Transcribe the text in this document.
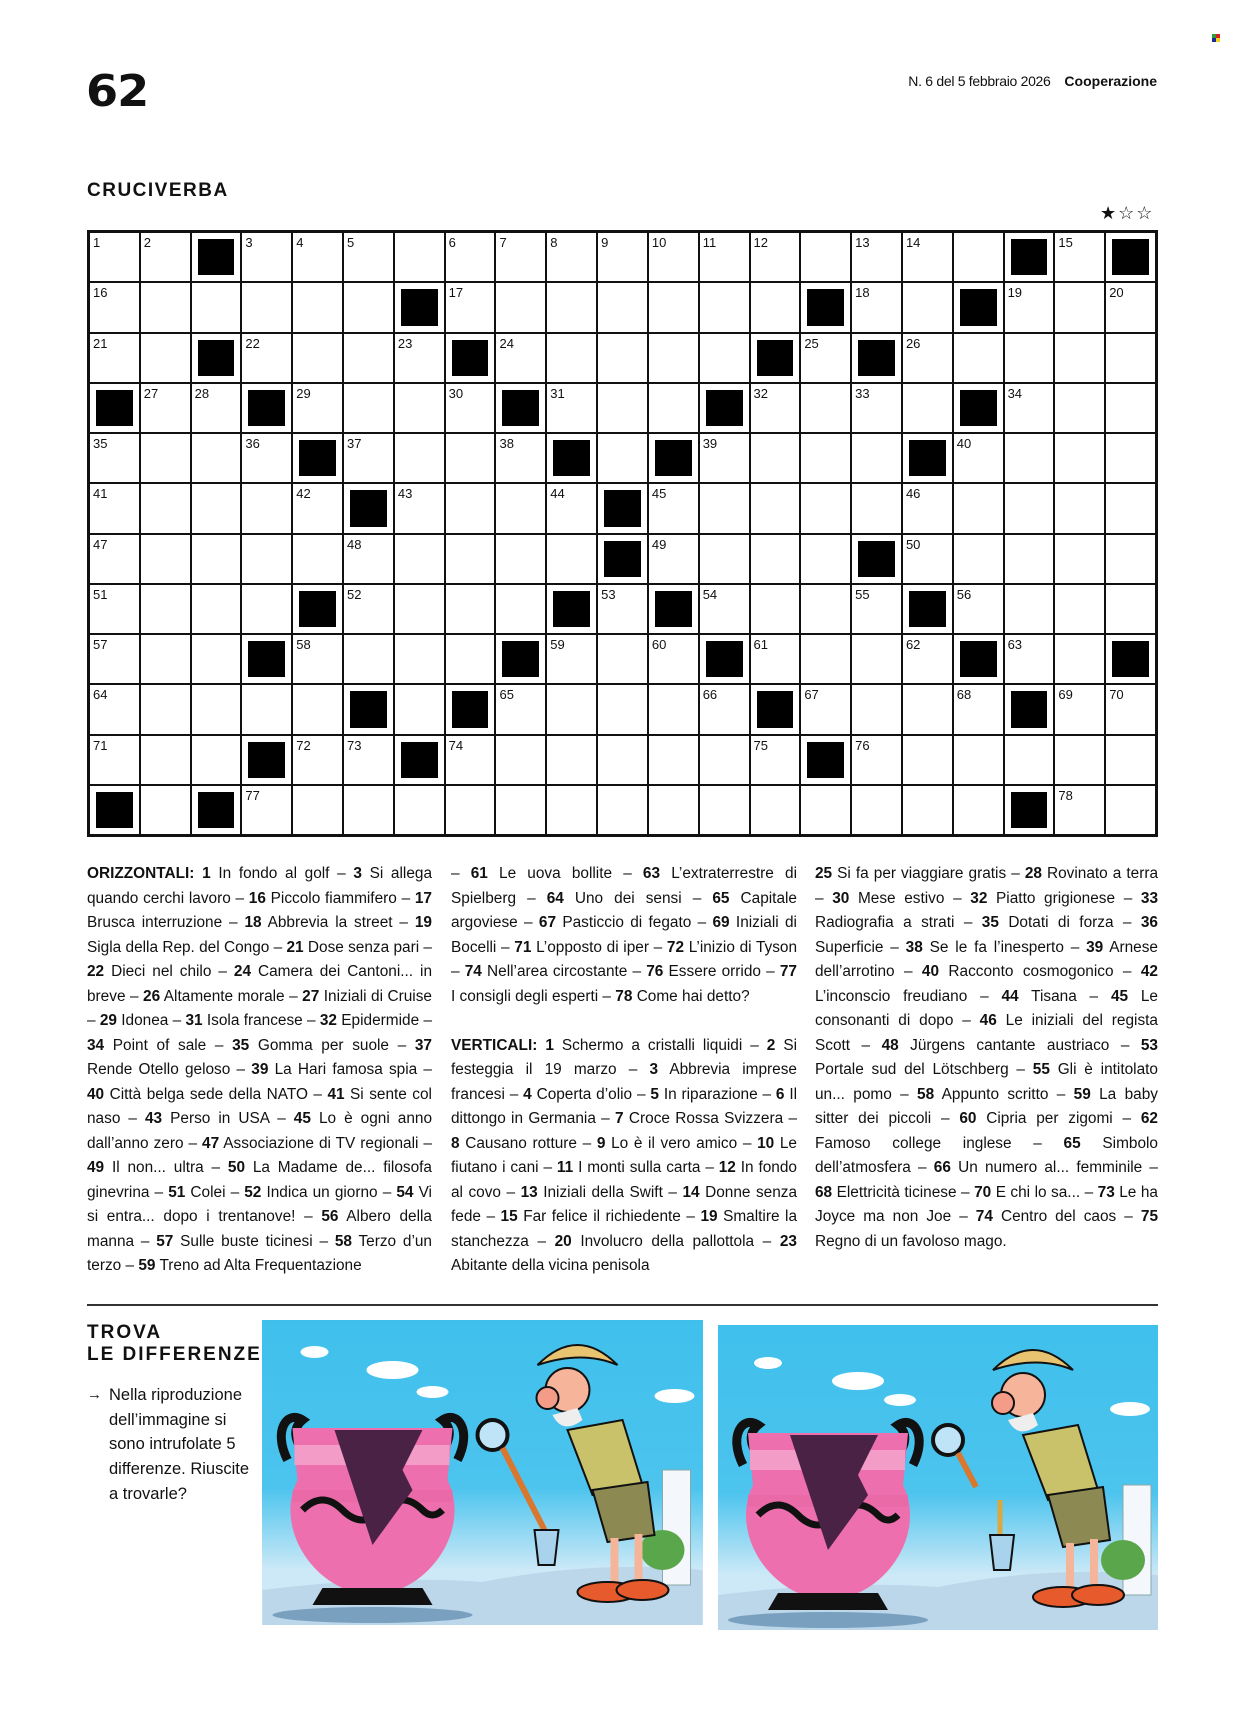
62	N. 6 del 5 febbraio 2026 Cooperazione
CRUCIVERBA
★☆☆
1	2	3	4	5	6	7	8	9	10	11	12	13	14	15
16	17	18	19	20
21	22	23	24	25	26
27	28	29	30	31	32	33	34
35	36	37	38	39	40
41	42	43	44	45	46
47	48	49	50
51	52	53	54	55	56
57	58	59	60	61	62	63
64	65	66	67	68	69	70
71	72	73	74	75	76
77	78
ORIZZONTALI: 1 In fondo al golf – 3 Si allega quando cerchi lavoro – 16 Piccolo fiammifero – 17 Brusca interruzione – 18 Abbrevia la street – 19 Sigla della Rep. del Congo – 21 Dose senza pari – 22 Dieci nel chilo – 24 Camera dei Cantoni... in breve – 26 Altamente morale – 27 Iniziali di Cruise – 29 Idonea – 31 Isola francese – 32 Epidermide – 34 Point of sale – 35 Gomma per suole – 37 Rende Otello geloso – 39 La Hari famosa spia – 40 Città belga sede della NATO – 41 Si sente col naso – 43 Perso in USA – 45 Lo è ogni anno dall’anno zero – 47 Associazione di TV regionali – 49 Il non... ultra – 50 La Madame de... filosofa ginevrina – 51 Colei – 52 Indica un giorno – 54 Vi si entra... dopo i trentanove! – 56 Albero della manna – 57 Sulle buste ticinesi – 58 Terzo d’un terzo – 59 Treno ad Alta Frequentazione
– 61 Le uova bollite – 63 L’extraterrestre di Spielberg – 64 Uno dei sensi – 65 Capitale argoviese – 67 Pasticcio di fegato – 69 Iniziali di Bocelli – 71 L’opposto di iper – 72 L’inizio di Tyson – 74 Nell’area circostante – 76 Essere orrido – 77 I consigli degli esperti – 78 Come hai detto?
VERTICALI: 1 Schermo a cristalli liquidi – 2 Si festeggia il 19 marzo – 3 Abbrevia imprese francesi – 4 Coperta d’olio – 5 In riparazione – 6 Il dittongo in Germania – 7 Croce Rossa Svizzera – 8 Causano rotture – 9 Lo è il vero amico – 10 Le fiutano i cani – 11 I monti sulla carta – 12 In fondo al covo – 13 Iniziali della Swift – 14 Donne senza fede – 15 Far felice il richiedente – 19 Smaltire la stanchezza – 20 Involucro della pallottola – 23 Abitante della vicina penisola
25 Si fa per viaggiare gratis – 28 Rovinato a terra – 30 Mese estivo – 32 Piatto grigionese – 33 Radiografia a strati – 35 Dotati di forza – 36 Superficie – 38 Se le fa l’inesperto – 39 Arnese dell’arrotino – 40 Racconto cosmogonico – 42 L’inconscio freudiano – 44 Tisana – 45 Le consonanti di dopo – 46 Le iniziali del regista Scott – 48 Jürgens cantante austriaco – 53 Portale sud del Lötschberg – 55 Gli è intitolato un... pomo – 58 Appunto scritto – 59 La baby sitter dei piccoli – 60 Cipria per zigomi – 62 Famoso college inglese – 65 Simbolo dell’atmosfera – 66 Un numero al... femminile – 68 Elettricità ticinese – 70 E chi lo sa... – 73 Le ha Joyce ma non Joe – 74 Centro del caos – 75 Regno di un favoloso mago.
TROVA
LE DIFFERENZE
→ Nella riproduzione dell’immagine si sono intrufolate 5 differenze. Riuscite a trovarle?
